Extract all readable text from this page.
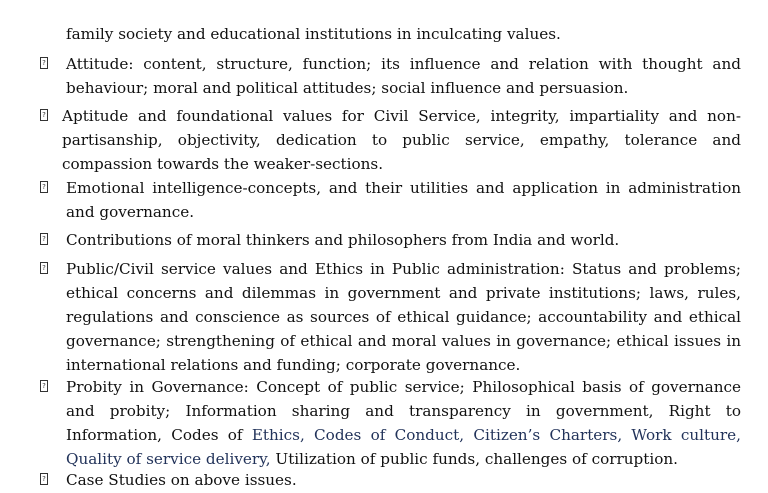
family society and educational institutions in inculcating values.
? Attitude: content, structure, function; its influence and relation with thought and behaviour; moral and political attitudes; social influence and persuasion.
? Aptitude and foundational values for Civil Service, integrity, impartiality and non-partisanship, objectivity, dedication to public service, empathy, tolerance and compassion towards the weaker-sections.
? Emotional intelligence-concepts, and their utilities and application in administration and governance.
? Contributions of moral thinkers and philosophers from India and world.
? Public/Civil service values and Ethics in Public administration: Status and problems; ethical concerns and dilemmas in government and private institutions; laws, rules, regulations and conscience as sources of ethical guidance; accountability and ethical governance; strengthening of ethical and moral values in governance; ethical issues in international relations and funding; corporate governance.
? Probity in Governance: Concept of public service; Philosophical basis of governance and probity; Information sharing and transparency in government, Right to Information, Codes of Ethics, Codes of Conduct, Citizen’s Charters, Work culture, Quality of service delivery, Utilization of public funds, challenges of corruption.
? Case Studies on above issues.
